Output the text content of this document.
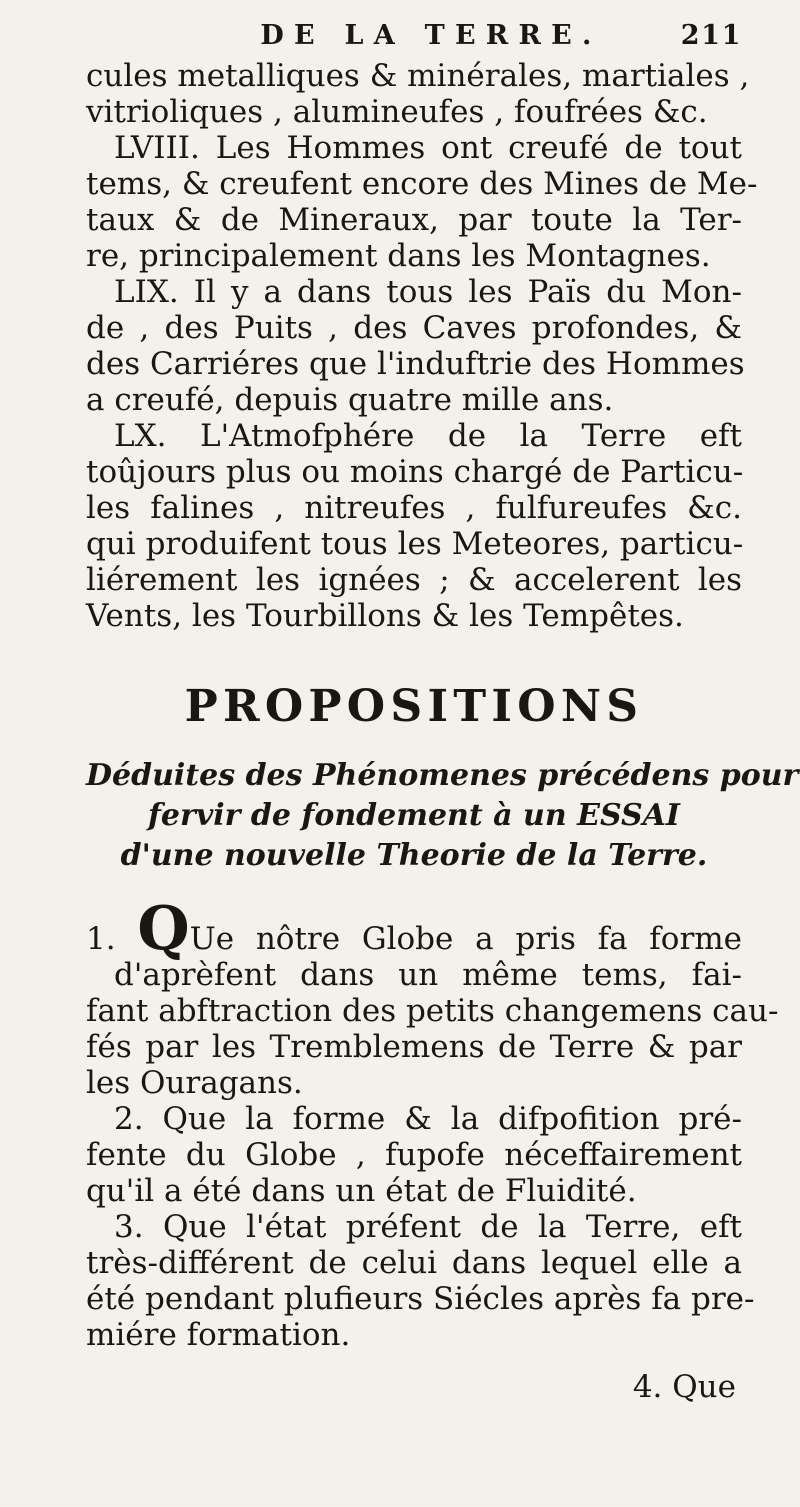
DE LA TERRE.	211

cules metalliques & minérales, martiales ,
vitrioliques , alumineufes , foufrées &c.

LVIII. Les Hommes ont creufé de tout
tems, & creufent encore des Mines de Me-
taux & de Mineraux, par toute la Ter-
re, principalement dans les Montagnes.

LIX. Il y a dans tous les Païs du Mon-
de , des Puits , des Caves profondes, &
des Carriéres que l'induftrie des Hommes
a creufé, depuis quatre mille ans.

LX. L'Atmofphére de la Terre eft
toûjours plus ou moins chargé de Particu-
les falines , nitreufes , fulfureufes &c.
qui produifent tous les Meteores, particu-
liérement les ignées ; & accelerent les
Vents, les Tourbillons & les Tempêtes.

PROPOSITIONS
Déduites des Phénomenes précédens pour
fervir de fondement à un ESSAI
d'une nouvelle Theorie de la Terre.

1. QUe nôtre Globe a pris fa forme
d'aprèfent dans un même tems, fai-
fant abftraction des petits changemens cau-
fés par les Tremblemens de Terre & par
les Ouragans.

2. Que la forme & la difpofition pré-
fente du Globe , fupofe néceffairement
qu'il a été dans un état de Fluidité.

3. Que l'état préfent de la Terre, eft
très-différent de celui dans lequel elle a
été pendant plufieurs Siécles après fa pre-
miére formation.

4. Que
